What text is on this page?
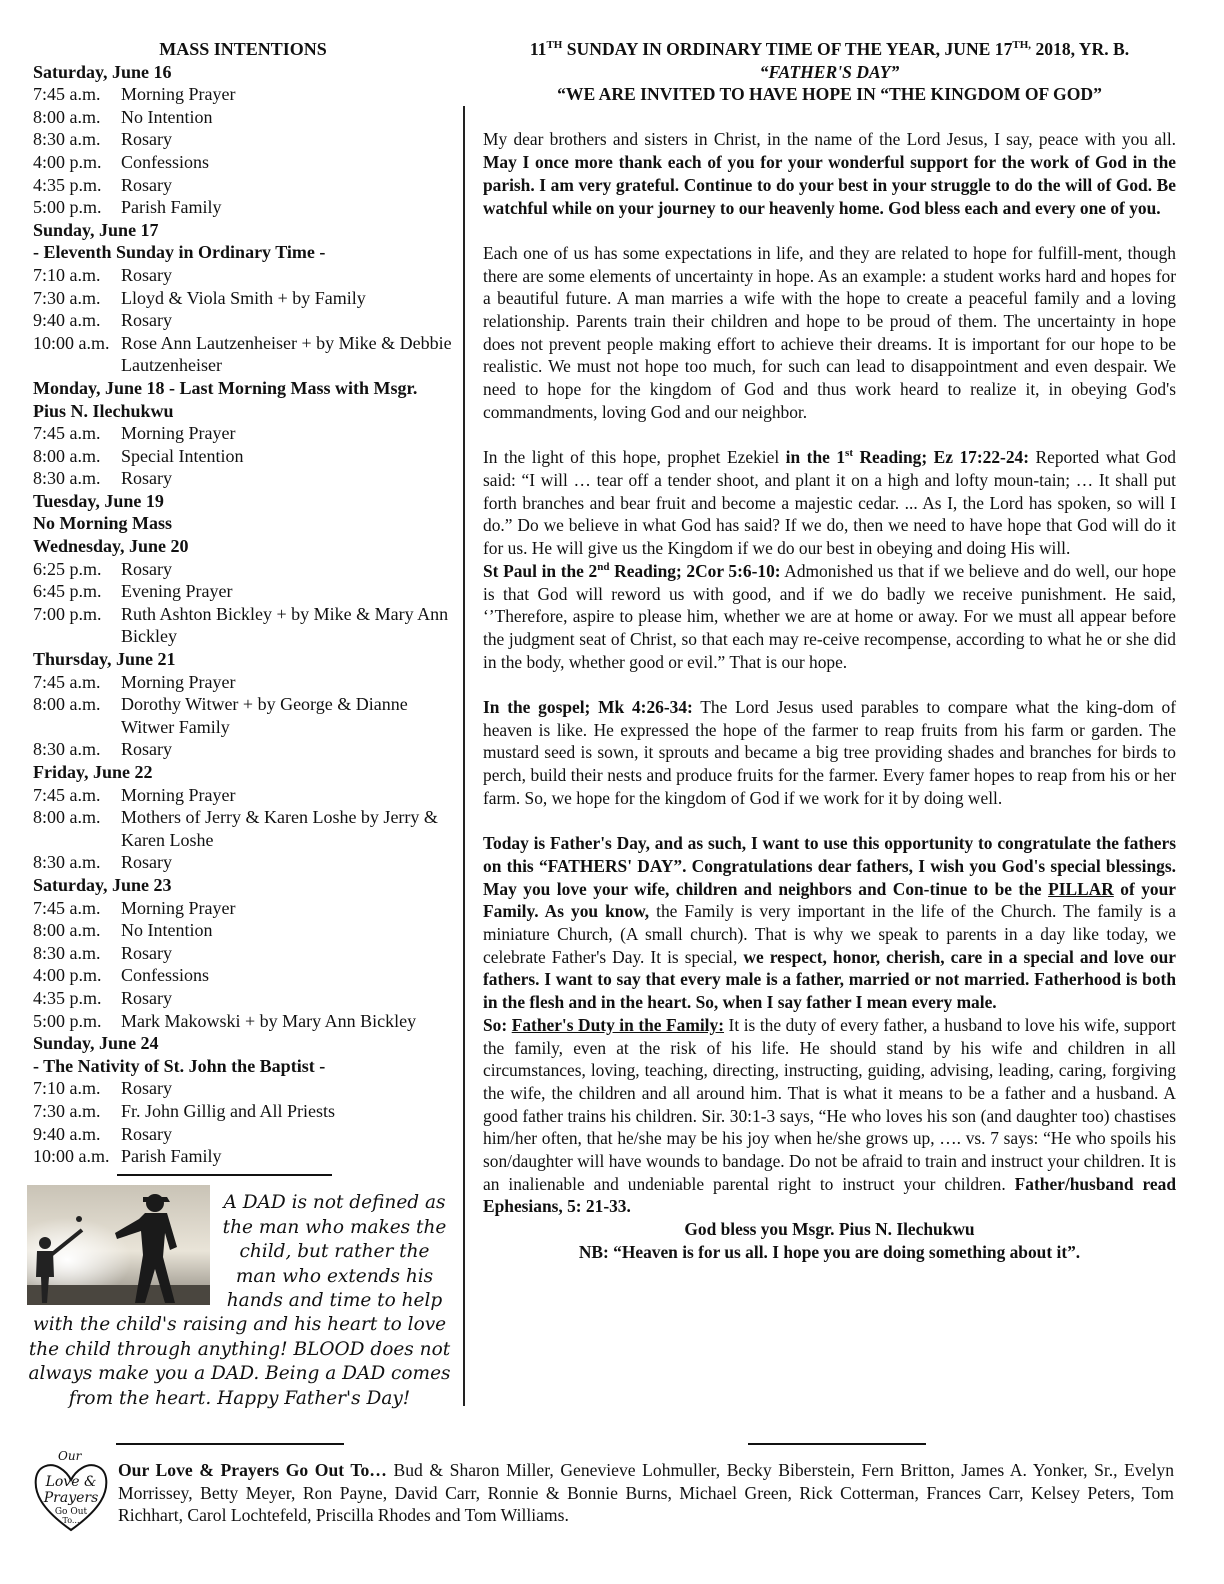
MASS INTENTIONS
Saturday, June 16
7:45 a.m.	Morning Prayer
8:00 a.m.	No Intention
8:30 a.m.	Rosary
4:00 p.m.	Confessions
4:35 p.m.	Rosary
5:00 p.m.	Parish Family
Sunday, June 17
- Eleventh Sunday in Ordinary Time -
7:10 a.m.	Rosary
7:30 a.m.	Lloyd & Viola Smith + by Family
9:40 a.m.	Rosary
10:00 a.m. Rose Ann Lautzenheiser + by Mike & Debbie Lautzenheiser
Monday, June 18 - Last Morning Mass with Msgr. Pius N. Ilechukwu
7:45 a.m.	Morning Prayer
8:00 a.m.	Special Intention
8:30 a.m.	Rosary
Tuesday, June 19
No Morning Mass
Wednesday, June 20
6:25 p.m.	Rosary
6:45 p.m.	Evening Prayer
7:00 p.m.	Ruth Ashton Bickley + by Mike & Mary Ann Bickley
Thursday, June 21
7:45 a.m.	Morning Prayer
8:00 a.m.	Dorothy Witwer + by George & Dianne Witwer Family
8:30 a.m.	Rosary
Friday, June 22
7:45 a.m.	Morning Prayer
8:00 a.m.	Mothers of Jerry & Karen Loshe by Jerry & Karen Loshe
8:30 a.m.	Rosary
Saturday, June 23
7:45 a.m.	Morning Prayer
8:00 a.m.	No Intention
8:30 a.m.	Rosary
4:00 p.m.	Confessions
4:35 p.m.	Rosary
5:00 p.m.	Mark Makowski + by Mary Ann Bickley
Sunday, June 24
- The Nativity of St. John the Baptist -
7:10 a.m.	Rosary
7:30 a.m.	Fr. John Gillig and All Priests
9:40 a.m.	Rosary
10:00 a.m. Parish Family
A DAD is not defined as the man who makes the child, but rather the man who extends his hands and time to help
with the child's raising and his heart to love the child through anything! BLOOD does not always make you a DAD. Being a DAD comes from the heart. Happy Father's Day!
11TH SUNDAY IN ORDINARY TIME OF THE YEAR, JUNE $17^{TH,}$ 2018, YR. B.
“FATHER'S DAY”
“WE ARE INVITED TO HAVE HOPE IN “THE KINGDOM OF GOD”

My dear brothers and sisters in Christ, in the name of the Lord Jesus, I say, peace with you all. May I once more thank each of you for your wonderful support for the work of God in the parish. I am very grateful. Continue to do your best in your struggle to do the will of God. Be watchful while on your journey to our heavenly home. God bless each and every one of you.

Each one of us has some expectations in life, and they are related to hope for fulfill-ment, though there are some elements of uncertainty in hope. As an example: a student works hard and hopes for a beautiful future. A man marries a wife with the hope to create a peaceful family and a loving relationship. Parents train their children and hope to be proud of them. The uncertainty in hope does not prevent people making effort to achieve their dreams. It is important for our hope to be realistic. We must not hope too much, for such can lead to disappointment and even despair. We need to hope for the kingdom of God and thus work heard to realize it, in obeying God's commandments, loving God and our neighbor.

In the light of this hope, prophet Ezekiel in the 1st Reading; Ez 17:22-24: Reported what God said: “I will … tear off a tender shoot, and plant it on a high and lofty moun-tain; … It shall put forth branches and bear fruit and become a majestic cedar. ... As I, the Lord has spoken, so will I do.” Do we believe in what God has said? If we do, then we need to have hope that God will do it for us. He will give us the Kingdom if we do our best in obeying and doing His will.

St Paul in the 2nd Reading; 2Cor 5:6-10: Admonished us that if we believe and do well, our hope is that God will reword us with good, and if we do badly we receive punishment. He said, ‘’Therefore, aspire to please him, whether we are at home or away. For we must all appear before the judgment seat of Christ, so that each may re-ceive recompense, according to what he or she did in the body, whether good or evil.” That is our hope.

In the gospel; Mk 4:26-34: The Lord Jesus used parables to compare what the king-dom of heaven is like. He expressed the hope of the farmer to reap fruits from his farm or garden. The mustard seed is sown, it sprouts and became a big tree providing shades and branches for birds to perch, build their nests and produce fruits for the farmer. Every famer hopes to reap from his or her farm. So, we hope for the kingdom of God if we work for it by doing well.

Today is Father's Day, and as such, I want to use this opportunity to congratulate the fathers on this “FATHERS' DAY”. Congratulations dear fathers, I wish you God's special blessings. May you love your wife, children and neighbors and Con-tinue to be the PILLAR of your Family. As you know, the Family is very important in the life of the Church. The family is a miniature Church, (A small church). That is why we speak to parents in a day like today, we celebrate Father's Day. It is special, we respect, honor, cherish, care in a special and love our fathers. I want to say that every male is a father, married or not married. Fatherhood is both in the flesh and in the heart. So, when I say father I mean every male.

So: Father's Duty in the Family: It is the duty of every father, a husband to love his wife, support the family, even at the risk of his life. He should stand by his wife and children in all circumstances, loving, teaching, directing, instructing, guiding, advising, leading, caring, forgiving the wife, the children and all around him. That is what it means to be a father and a husband. A good father trains his children. Sir. 30:1-3 says, “He who loves his son (and daughter too) chastises him/her often, that he/she may be his joy when he/she grows up, …. vs. 7 says: “He who spoils his son/daughter will have wounds to bandage. Do not be afraid to train and instruct your children. It is an inalienable and undeniable parental right to instruct your children. Father/husband read Ephesians, 5: 21-33.

God bless you Msgr. Pius N. Ilechukwu

NB: “Heaven is for us all. I hope you are doing something about it”.

Our
Love &
Prayers
Go Out
To...
Our Love & Prayers Go Out To… Bud & Sharon Miller, Genevieve Lohmuller, Becky Biberstein, Fern Britton, James A. Yonker, Sr., Evelyn Morrissey, Betty Meyer, Ron Payne, David Carr, Ronnie & Bonnie Burns, Michael Green, Rick Cotterman, Frances Carr, Kelsey Peters, Tom Richhart, Carol Lochtefeld, Priscilla Rhodes and Tom Williams.
